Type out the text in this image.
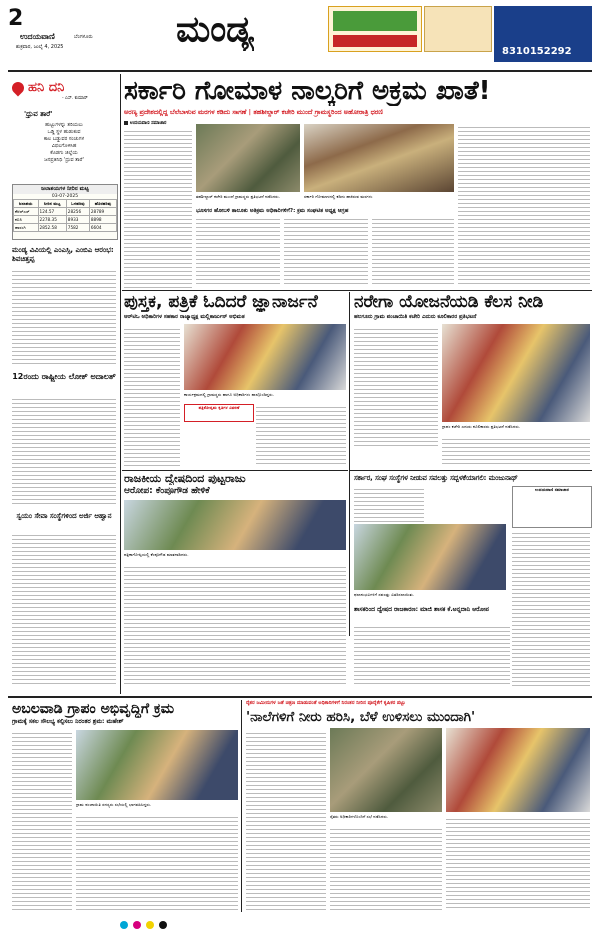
2
ಉದಯವಾಣಿ	ಬೆಂಗಳೂರು
ಶುಕ್ರವಾರ, ಜುಲೈ 4, 2025	ಮಂಡ್ಯ
8310152292
ಹನಿ ದನಿ
- ಎಸ್. ಕುಮಾರ್
'ಧ್ರುವ ತಾರೆ'
ಹುಟ್ಟುಗಳನ್ನು ತರಿಯಲು
ಒಡ್ಡಿ ಸ್ಥಳ ಹುಡುಕುವ
ಕಾಲ ಬಡ್ಡುವರ ಸಂಚುಗಳ
ವಿಫಲಗೊಳಿಸಿಹ
ಕೊಡಗು ಜಿಲ್ಲೆಯ
ಜನಪ್ರತಿನಿಧಿ 'ಧ್ರುವ ತಾರೆ'
ಜಲಾಶಯಗಳ ನೀರಿನ ಮಟ್ಟ
03-07-2025
ಜಲಾಶಯ	ನೀರಿನ ಮಟ್ಟ	ಒಳಹರಿವು	ಹೊರಹರಿವು
ಕೆಆರ್‌ಎಸ್	124.57	28256	28789
ಕಬಿನಿ	2278.35	8933	8898
ಹಾರಂಗಿ	2852.58	7582	6604
ಮಂಡ್ಯ ವಿವಿಯಲ್ಲಿ ಎಂಎಸ್ಸಿ, ಎಂಬಿಎ ಆರಂಭ: ಶಿವಚಿತ್ತಪ್ಪ
12ರಂದು ರಾಷ್ಟ್ರೀಯ ಲೋಕ್ ಅದಾಲತ್
ಸ್ವಯಂ ಸೇವಾ ಸಂಸ್ಥೆಗಳಿಂದ ಅರ್ಜಿ ಆಹ್ವಾನ
ಸರ್ಕಾರಿ ಗೋಮಾಳ ನಾಲ್ಕರಿಗೆ ಅಕ್ರಮ ಖಾತೆ!
ಅರಣ್ಯ ಪ್ರದೇಶದಲ್ಲಿದ್ದ ಬೆಲೆಬಾಳುವ ಮರಗಳ ಕಡಿದು ಸಾಗಣೆ | ತಹಶೀಲ್ದಾರ್ ಕಚೇರಿ ಮುಂದೆ ಗ್ರಾಮಸ್ಥರಿಂದ ಅಹೋರಾತ್ರಿ ಧರಣಿ
ಉದಯವಾಣಿ ಸಮಾಚಾರ
ತಹಶೀಲ್ದಾರ್ ಕಚೇರಿ ಮುಂದೆ ಗ್ರಾಮಸ್ಥರು ಪ್ರತಿಭಟನೆ ನಡೆಸಿದರು.	ಸರ್ಕಾರಿ ಗೋಮಾಳದಲ್ಲಿ ಕಡಿದು ಹಾಕಿರುವ ಮರಗಳು
ಭೂಸಗರ ಹೋಬಳಿ ತಾಲೂಕು ಅತಿಕ್ರಮ ಅಧಿಕಾರಿಗಳಿಗೆ?: ಕ್ರಮ ಸಂಘಟಿತ ಅಧ್ಯಕ್ಷ ಆಗ್ರಹ
ಪುಸ್ತಕ, ಪತ್ರಿಕೆ ಓದಿದರೆ ಜ್ಞಾನಾರ್ಜನೆ
ಆರ್‌ಟಿಒ ಅಧಿಕಾರಿಗಳ ಸಹಕಾರ ರಾಜ್ಯಾಧ್ಯಕ್ಷ ಮಲ್ಲಿಕಾರ್ಜುನ್ ಅಭಿಮತ
ಕಾರ್ಯಕ್ರಮದಲ್ಲಿ ಗ್ರಾಮಸ್ಥರು ಹಾಗೂ ಅಧಿಕಾರಿಗಳು ಪಾಲ್ಗೊಂಡಿದ್ದರು.
ಪತ್ರಿಕೋದ್ಯಮ ಕೃತಿಗಳ ವಿತರಣೆ
ನರೇಗಾ ಯೋಜನೆಯಡಿ ಕೆಲಸ ನೀಡಿ
ಹಲಗೂರು ಗ್ರಾಮ ಪಂಚಾಯಿತಿ ಕಚೇರಿ ಎದುರು ಕೂಲಿಕಾರರ ಪ್ರತಿಭಟನೆ
ಗ್ರಾಪಂ ಕಚೇರಿ ಎದುರು ಕೂಲಿಕಾರರು ಪ್ರತಿಭಟನೆ ನಡೆಸಿದರು.
ರಾಜಕೀಯ ದ್ವೇಷದಿಂದ ಪುಟ್ಟರಾಜು
ಆರೋಪ: ಕೆಂಪೂಗೌಡ ಹೇಳಿಕೆ
ಪತ್ರಿಕಾಗೋಷ್ಠಿಯಲ್ಲಿ ಕೆಂಪೂಗೌಡ ಮಾತನಾಡಿದರು.
ಸರ್ಕಾರ, ಸಂಘ ಸಂಸ್ಥೆಗಳ ನೀಡುವ ಸವಲತ್ತು ಸದ್ಬಳಕೆಯಾಗಲಿ: ಮಂಜುನಾಥ್
ಫಲಾನುಭವಿಗಳಿಗೆ ಸವಲತ್ತು ವಿತರಿಸಲಾಯಿತು.
ಉದಯವಾಣಿ ಸಮಾಚಾರ
ಶಾಸಕರಿಂದ ದ್ವೇಷದ ರಾಜಕಾರಣ: ಮಾಜಿ ಶಾಸಕ ಕೆ.ಅನ್ನದಾನಿ ಆರೋಪ
ಅಬಲವಾಡಿ ಗ್ರಾಪಂ ಅಭಿವೃದ್ಧಿಗೆ ಕ್ರಮ
ಗ್ರಾಮಕ್ಕೆ ಸಕಲ ಸೌಲಭ್ಯ ಕಲ್ಪಿಸಲು ನಿರಂತರ ಶ್ರಮ: ಮಹೇಶ್
ಗ್ರಾಮ ಪಂಚಾಯಿತಿ ಸದಸ್ಯರು ಸಭೆಯಲ್ಲಿ ಭಾಗವಹಿಸಿದ್ದರು.
ರೈತರ ಜಮೀನುಗಳ ಜತೆ ಚಿತ್ರಣ ಮಾಡುವಂತೆ ಅಧಿಕಾರಿಗಳಿಗೆ ನಿರಂತರ ನೀರಿನ ಪೂರೈಕೆಗೆ ಕೃಷಿಕರ ಪಟ್ಟು
'ನಾಲೆಗಳಿಗೆ ನೀರು ಹರಿಸಿ, ಬೆಳೆ ಉಳಿಸಲು ಮುಂದಾಗಿ'
ರೈತರು ಅಧಿಕಾರಿಗಳೊಂದಿಗೆ ಸಭೆ ನಡೆಸಿದರು.
